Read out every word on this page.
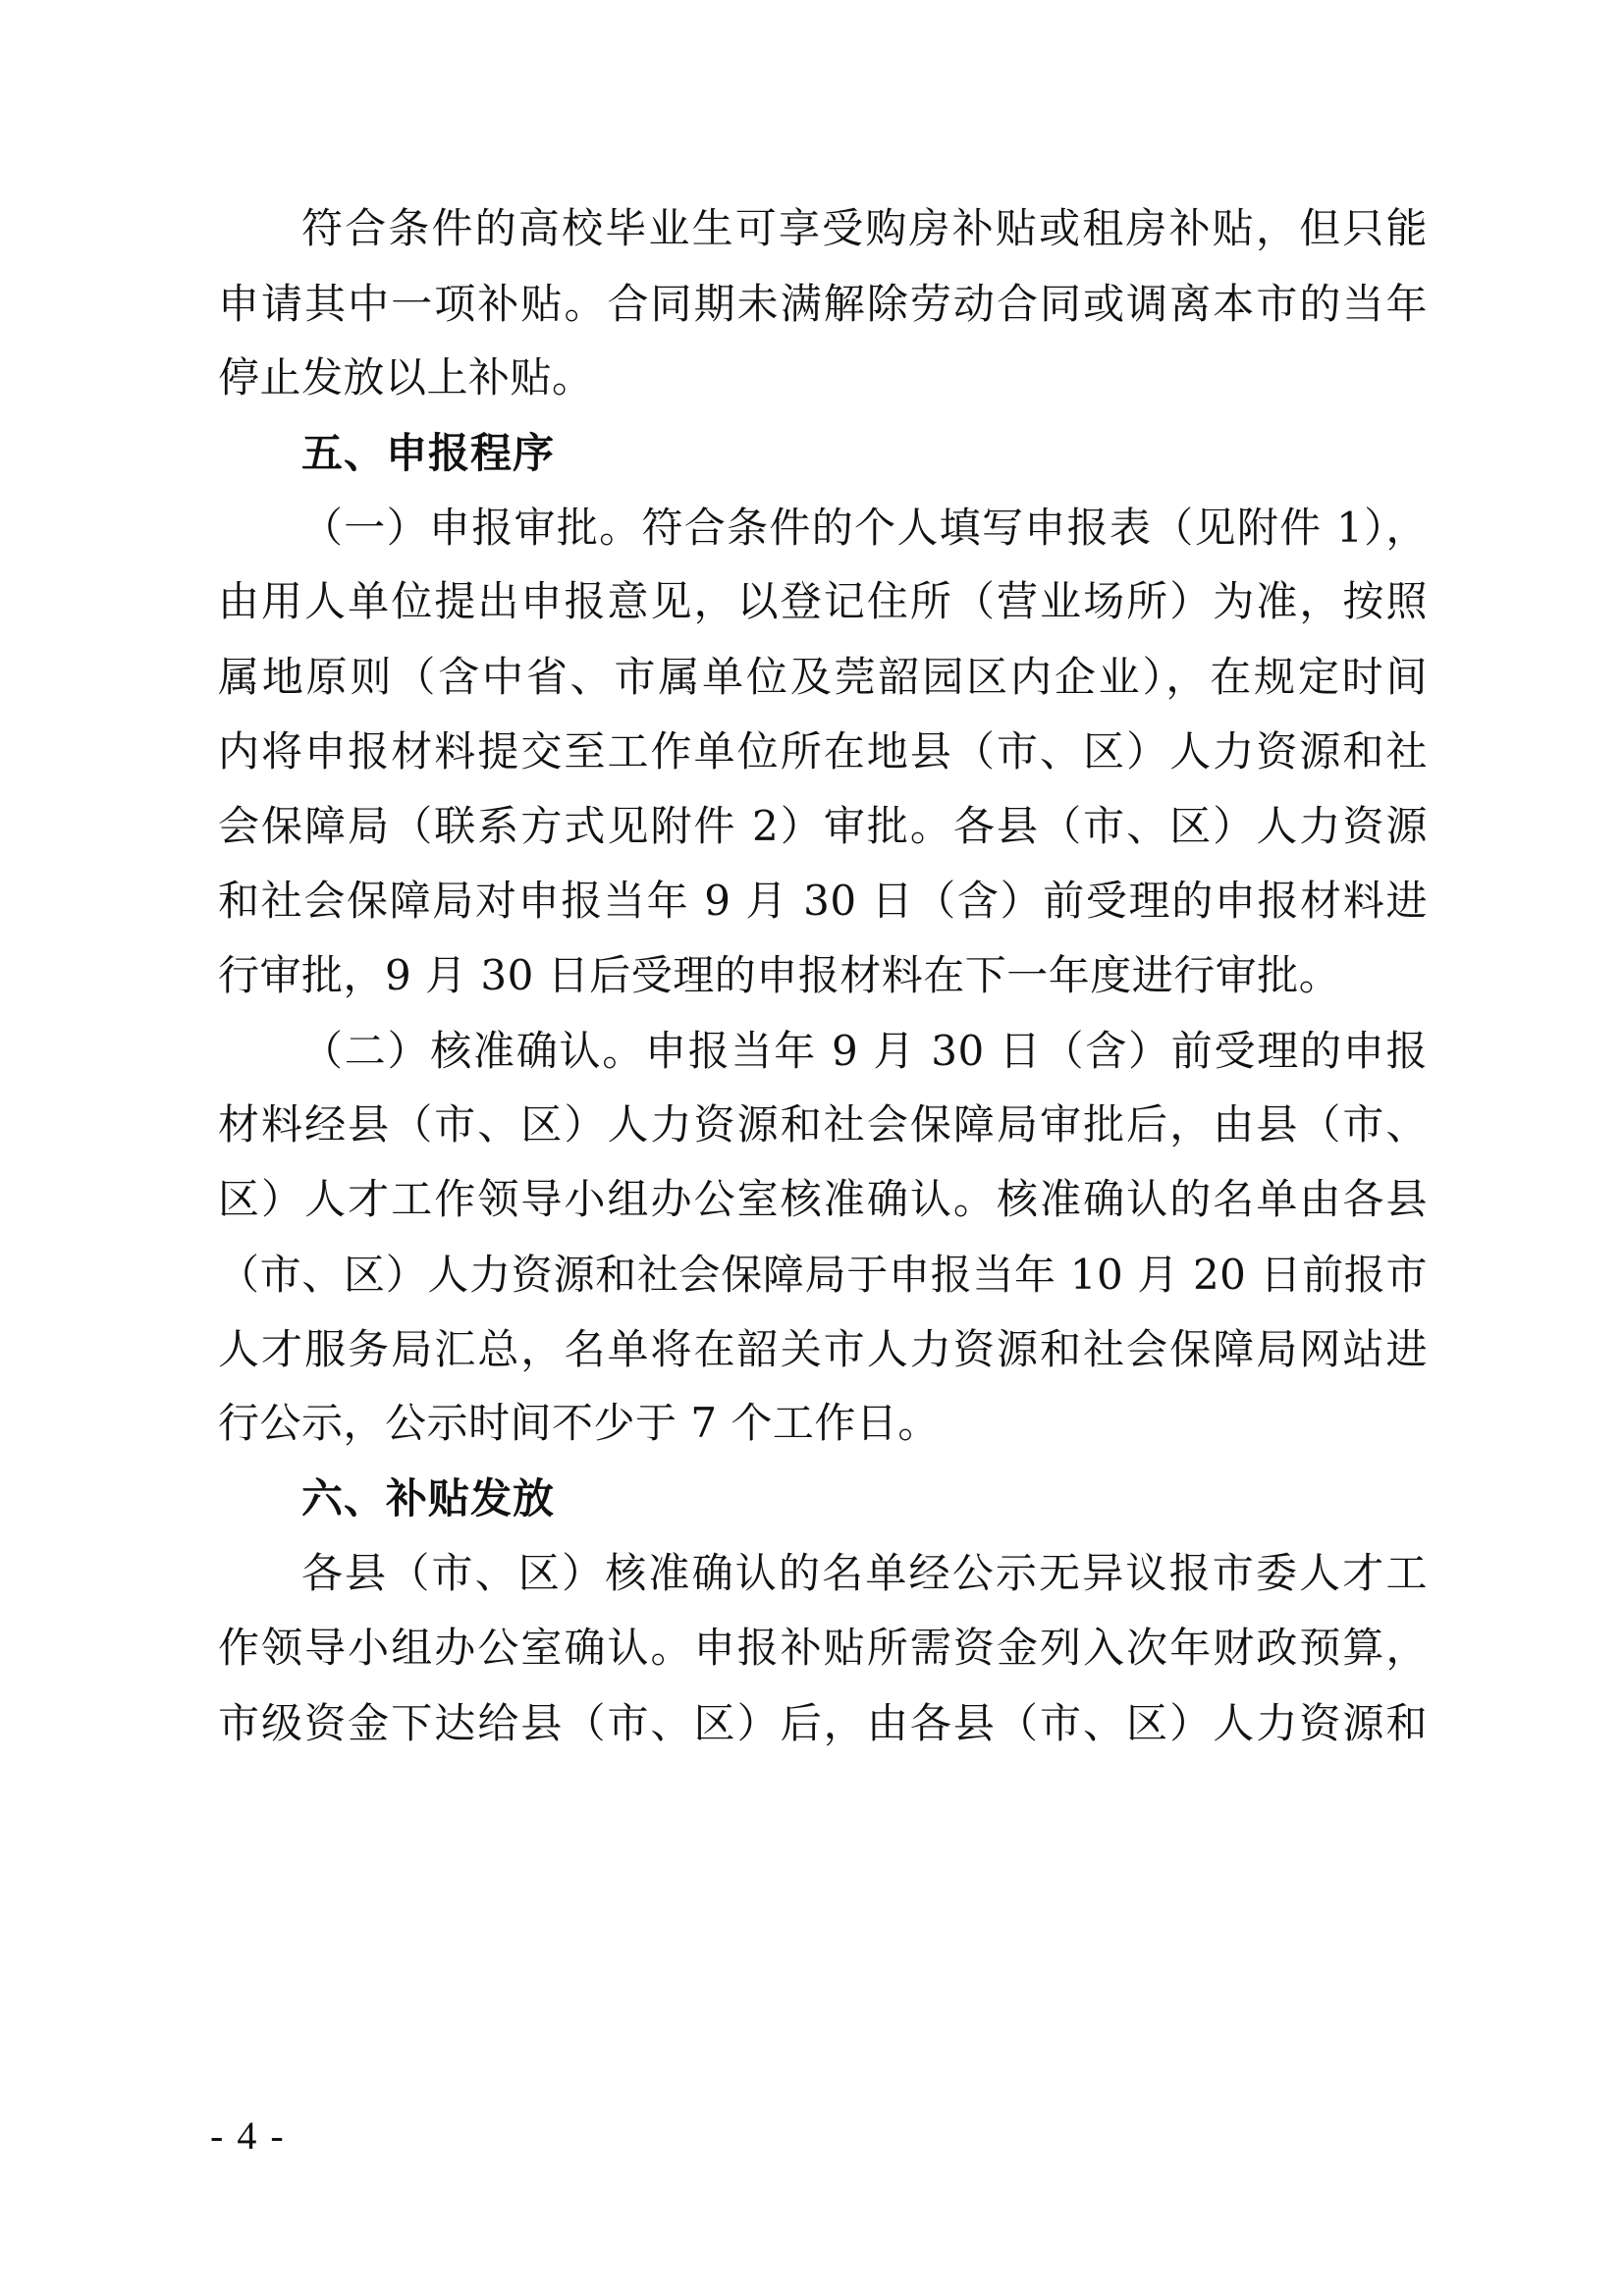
符合条件的高校毕业生可享受购房补贴或租房补贴，但只能
申请其中一项补贴。合同期未满解除劳动合同或调离本市的当年
停止发放以上补贴。
五、申报程序
（一）申报审批。符合条件的个人填写申报表（见附件 1），
由用人单位提出申报意见，以登记住所（营业场所）为准，按照
属地原则（含中省、市属单位及莞韶园区内企业），在规定时间
内将申报材料提交至工作单位所在地县（市、区）人力资源和社
会保障局（联系方式见附件 2）审批。各县（市、区）人力资源
和社会保障局对申报当年 9 月 30 日（含）前受理的申报材料进
行审批，9 月 30 日后受理的申报材料在下一年度进行审批。
（二）核准确认。申报当年 9 月 30 日（含）前受理的申报
材料经县（市、区）人力资源和社会保障局审批后，由县（市、
区）人才工作领导小组办公室核准确认。核准确认的名单由各县
（市、区）人力资源和社会保障局于申报当年 10 月 20 日前报市
人才服务局汇总，名单将在韶关市人力资源和社会保障局网站进
行公示，公示时间不少于 7 个工作日。
六、补贴发放
各县（市、区）核准确认的名单经公示无异议报市委人才工
作领导小组办公室确认。申报补贴所需资金列入次年财政预算，
市级资金下达给县（市、区）后，由各县（市、区）人力资源和
- 4 -
